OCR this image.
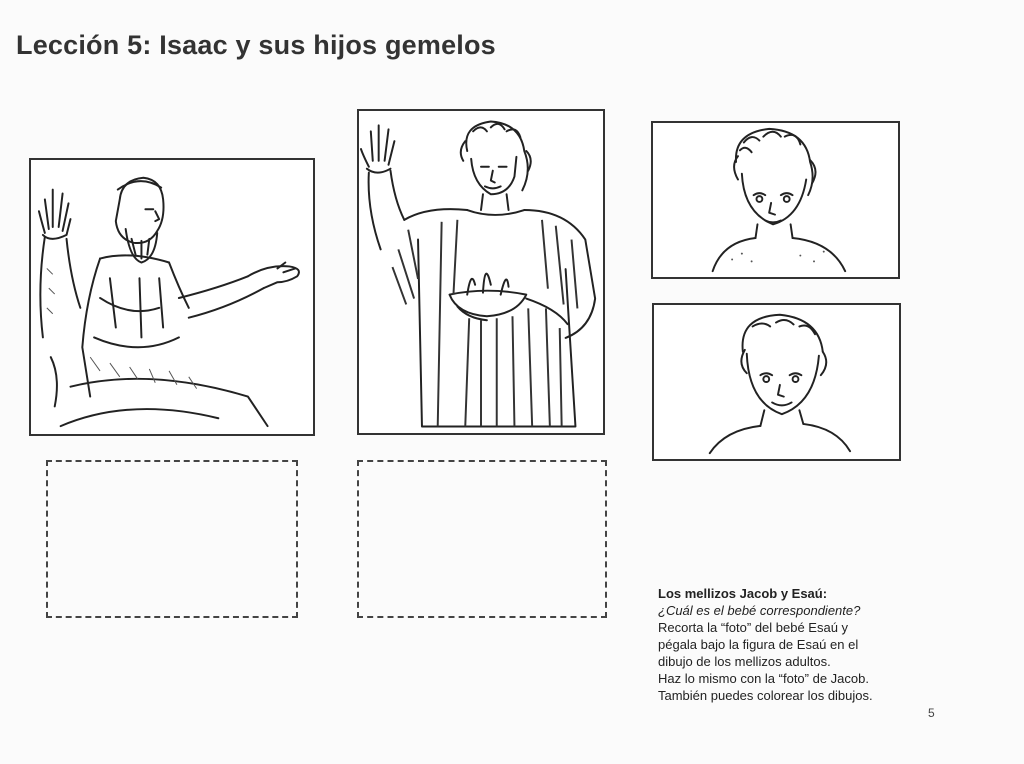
Lección 5: Isaac y sus hijos gemelos
Los mellizos Jacob y Esaú:
¿Cuál es el bebé correspondiente?
Recorta la “foto” del bebé Esaú y
pégala bajo la figura de Esaú en el
dibujo de los mellizos adultos.
Haz lo mismo con la “foto” de Jacob.
También puedes colorear los dibujos.
5
